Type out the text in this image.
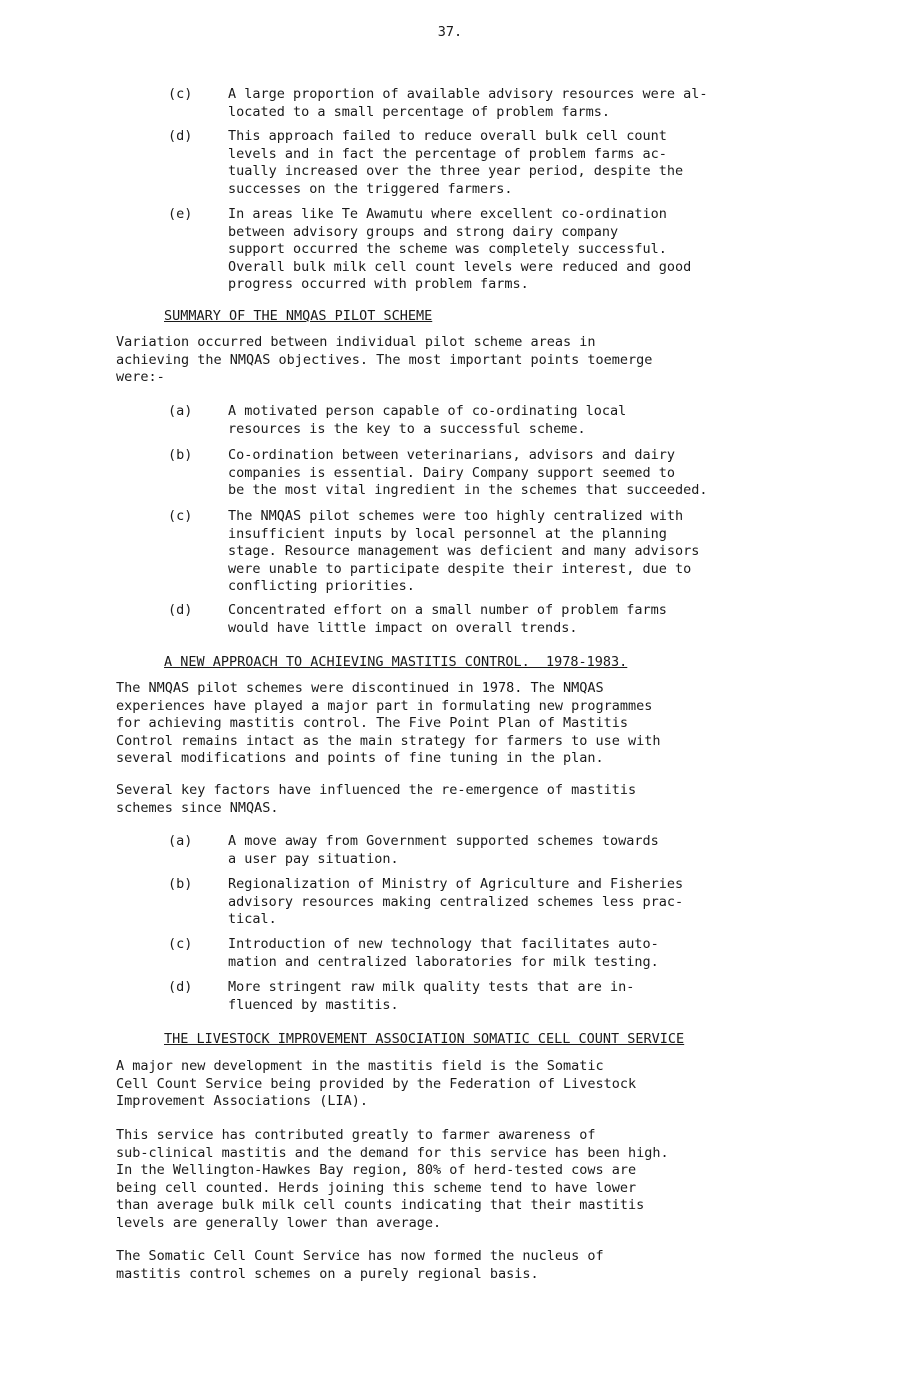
37.
(c)	A large proportion of available advisory resources were al-
located to a small percentage of problem farms.
(d)	This approach failed to reduce overall bulk cell count
levels and in fact the percentage of problem farms ac-
tually increased over the three year period, despite the
successes on the triggered farmers.
(e)	In areas like Te Awamutu where excellent co-ordination
between advisory groups and strong dairy company
support occurred the scheme was completely successful.
Overall bulk milk cell count levels were reduced and good
progress occurred with problem farms.
SUMMARY OF THE NMQAS PILOT SCHEME
Variation occurred between individual pilot scheme areas in
achieving the NMQAS objectives. The most important points toemerge
were:-
(a)	A motivated person capable of co-ordinating local
resources is the key to a successful scheme.
(b)	Co-ordination between veterinarians, advisors and dairy
companies is essential. Dairy Company support seemed to
be the most vital ingredient in the schemes that succeeded.
(c)	The NMQAS pilot schemes were too highly centralized with
insufficient inputs by local personnel at the planning
stage. Resource management was deficient and many advisors
were unable to participate despite their interest, due to
conflicting priorities.
(d)	Concentrated effort on a small number of problem farms
would have little impact on overall trends.
A NEW APPROACH TO ACHIEVING MASTITIS CONTROL.  1978-1983.
The NMQAS pilot schemes were discontinued in 1978. The NMQAS
experiences have played a major part in formulating new programmes
for achieving mastitis control. The Five Point Plan of Mastitis
Control remains intact as the main strategy for farmers to use with
several modifications and points of fine tuning in the plan.
Several key factors have influenced the re-emergence of mastitis
schemes since NMQAS.
(a)	A move away from Government supported schemes towards
a user pay situation.
(b)	Regionalization of Ministry of Agriculture and Fisheries
advisory resources making centralized schemes less prac-
tical.
(c)	Introduction of new technology that facilitates auto-
mation and centralized laboratories for milk testing.
(d)	More stringent raw milk quality tests that are in-
fluenced by mastitis.
THE LIVESTOCK IMPROVEMENT ASSOCIATION SOMATIC CELL COUNT SERVICE
A major new development in the mastitis field is the Somatic
Cell Count Service being provided by the Federation of Livestock
Improvement Associations (LIA).
This service has contributed greatly to farmer awareness of
sub-clinical mastitis and the demand for this service has been high.
In the Wellington-Hawkes Bay region, 80% of herd-tested cows are
being cell counted. Herds joining this scheme tend to have lower
than average bulk milk cell counts indicating that their mastitis
levels are generally lower than average.
The Somatic Cell Count Service has now formed the nucleus of
mastitis control schemes on a purely regional basis.
